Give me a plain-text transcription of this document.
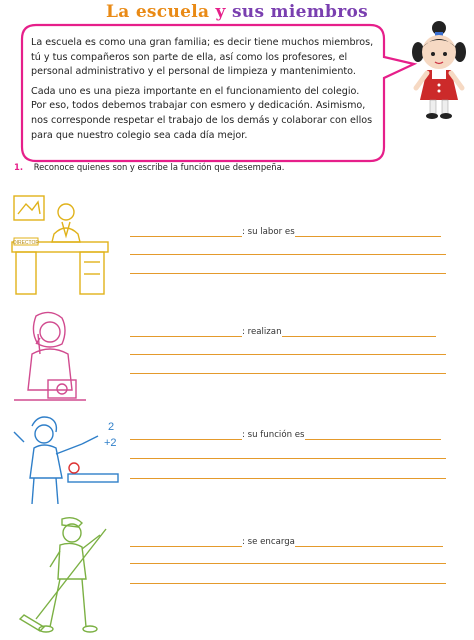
La escuela y sus miembros

La escuela es como una gran familia; es decir tiene muchos miembros, tú y tus compañeros son parte de ella, así como los profesores, el personal administrativo y el personal de limpieza y mantenimiento.

Cada uno es una pieza importante en el funcionamiento del colegio. Por eso, todos debemos trabajar con esmero y dedicación. Asimismo, nos corresponde respetar el trabajo de los demás y colaborar con ellos para que nuestro colegio sea cada día mejor.

1. Reconoce quienes son y escribe la función que desempeña.
DIRECTOR
: su labor es
: realizan
2
+2
: su función es
: se encarga
